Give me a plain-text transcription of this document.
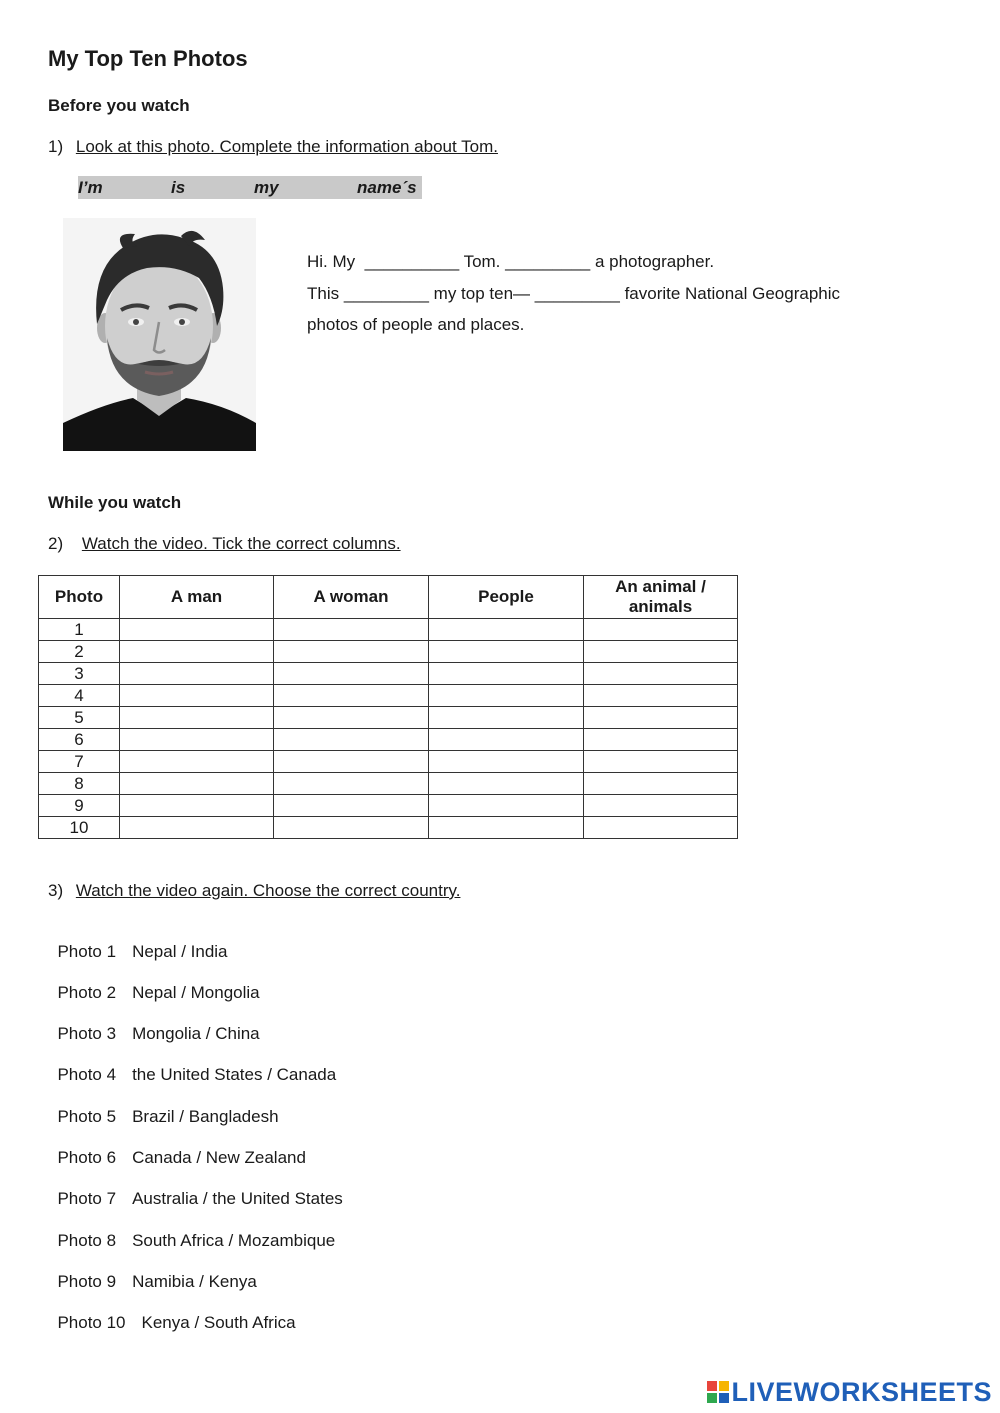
My Top Ten Photos
Before you watch
1) Look at this photo. Complete the information about Tom.
I’m	is	my	name´s
Hi. My  __________ Tom. _________ a photographer.
This _________ my top ten— _________ favorite National Geographic
photos of people and places.
While you watch
2) Watch the video. Tick the correct columns.
Photo	A man	A woman	People	An animal / animals
1				
2				
3				
4				
5				
6				
7				
8				
9				
10				
3) Watch the video again. Choose the correct country.

Photo 1 Nepal / India

Photo 2 Nepal / Mongolia

Photo 3 Mongolia / China

Photo 4 the United States / Canada

Photo 5 Brazil / Bangladesh

Photo 6 Canada / New Zealand

Photo 7 Australia / the United States

Photo 8 South Africa / Mozambique

Photo 9 Namibia / Kenya

Photo 10 Kenya / South Africa

LIVEWORKSHEETS
